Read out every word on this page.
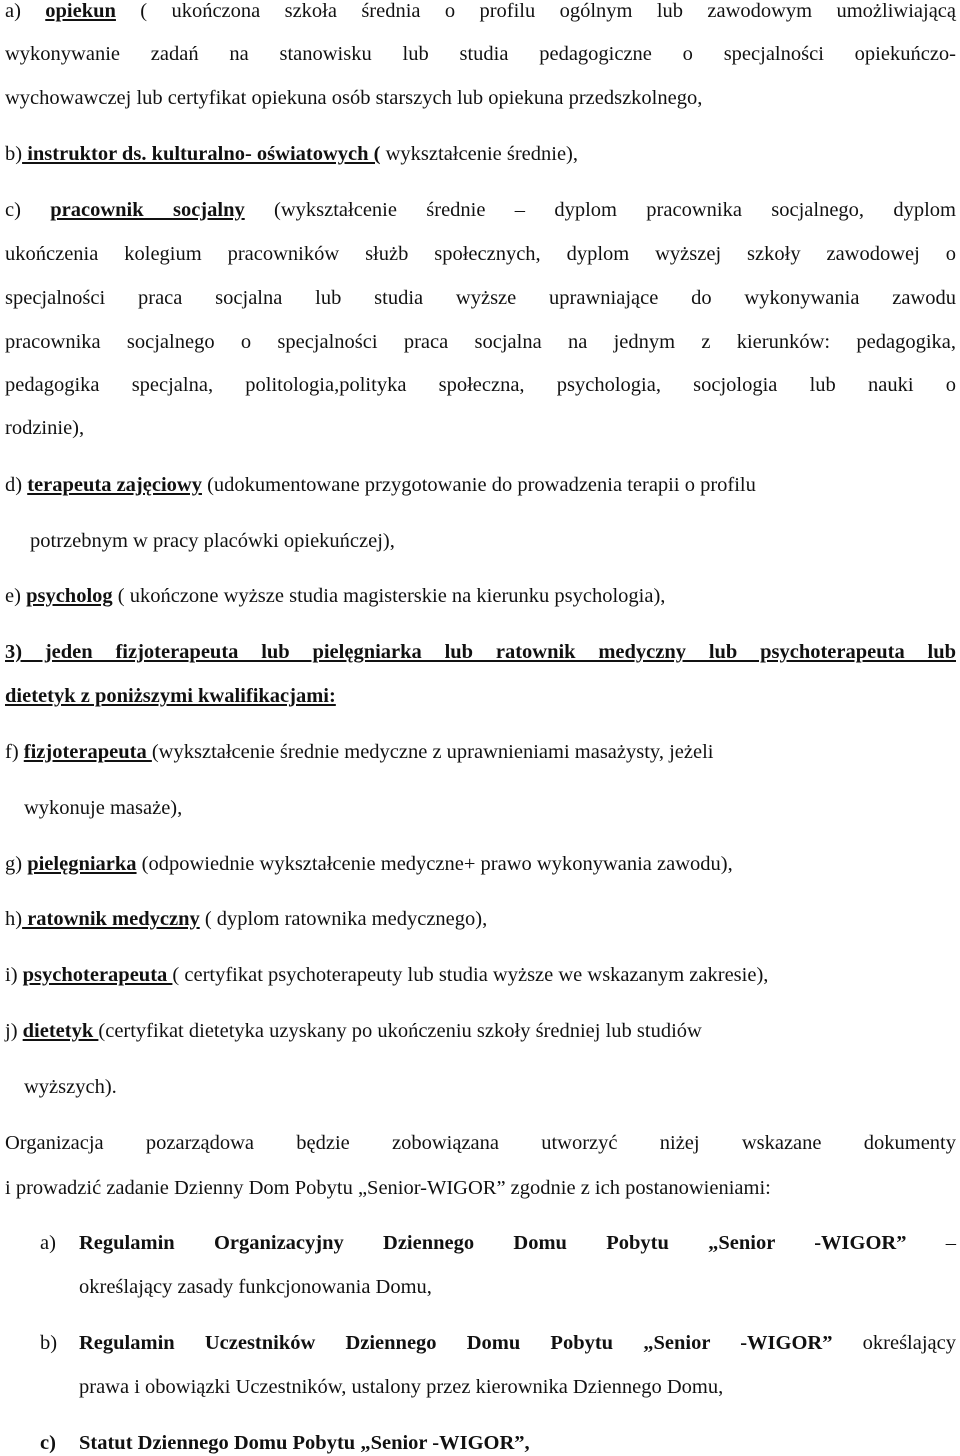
a) opiekun ( ukończona szkoła średnia o profilu ogólnym lub zawodowym umożliwiającą
wykonywanie zadań na stanowisku lub studia pedagogiczne o specjalności opiekuńczo-
wychowawczej lub certyfikat opiekuna osób starszych lub opiekuna przedszkolnego,
b) instruktor ds. kulturalno- oświatowych ( wykształcenie średnie),
c) pracownik socjalny (wykształcenie średnie – dyplom pracownika socjalnego, dyplom
ukończenia kolegium pracowników służb społecznych, dyplom wyższej szkoły zawodowej o
specjalności praca socjalna lub studia wyższe uprawniające do wykonywania zawodu
pracownika socjalnego o specjalności praca socjalna na jednym z kierunków: pedagogika,
pedagogika specjalna, politologia,polityka społeczna, psychologia, socjologia lub nauki o
rodzinie),
d) terapeuta zajęciowy (udokumentowane przygotowanie do prowadzenia terapii o profilu
potrzebnym w pracy placówki opiekuńczej),
e) psycholog ( ukończone wyższe studia magisterskie na kierunku psychologia),
3) jeden fizjoterapeuta lub pielęgniarka lub ratownik medyczny lub psychoterapeuta lub
dietetyk z poniższymi kwalifikacjami:
f) fizjoterapeuta (wykształcenie średnie medyczne z uprawnieniami masażysty, jeżeli
wykonuje masaże),
g) pielęgniarka (odpowiednie wykształcenie medyczne+ prawo wykonywania zawodu),
h) ratownik medyczny ( dyplom ratownika medycznego),
i) psychoterapeuta ( certyfikat psychoterapeuty lub studia wyższe we wskazanym zakresie),
j) dietetyk (certyfikat dietetyka uzyskany po ukończeniu szkoły średniej lub studiów
wyższych).
Organizacja pozarządowa będzie zobowiązana utworzyć niżej wskazane dokumenty
i prowadzić zadanie Dzienny Dom Pobytu „Senior-WIGOR” zgodnie z ich postanowieniami:
a) Regulamin Organizacyjny Dziennego Domu Pobytu „Senior -WIGOR” –
określający zasady funkcjonowania Domu,
b) Regulamin Uczestników Dziennego Domu Pobytu „Senior -WIGOR” określający
prawa i obowiązki Uczestników, ustalony przez kierownika Dziennego Domu,
c) Statut Dziennego Domu Pobytu „Senior -WIGOR”,
